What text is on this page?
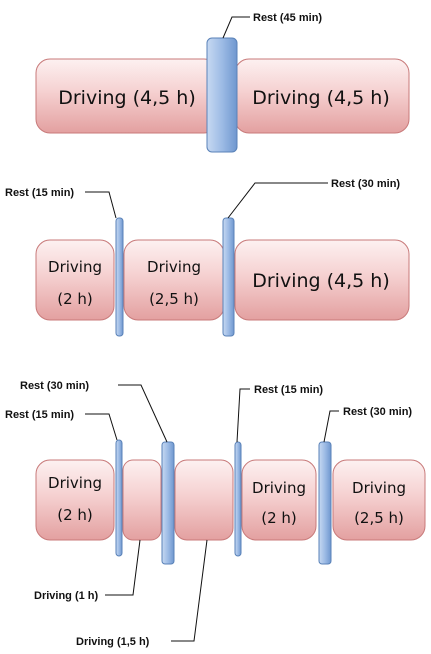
Rest (45 min)
Driving (4,5 h)	Driving (4,5 h)
Rest (15 min)
Rest (30 min)
Driving
(2 h)
Driving
(2,5 h)
Driving (4,5 h)
Rest (30 min)
Rest (15 min)
Rest (15 min)
Rest (30 min)
Driving (1 h)
Driving (1,5 h)
Driving
(2 h)
Driving
(2 h)
Driving
(2,5 h)
